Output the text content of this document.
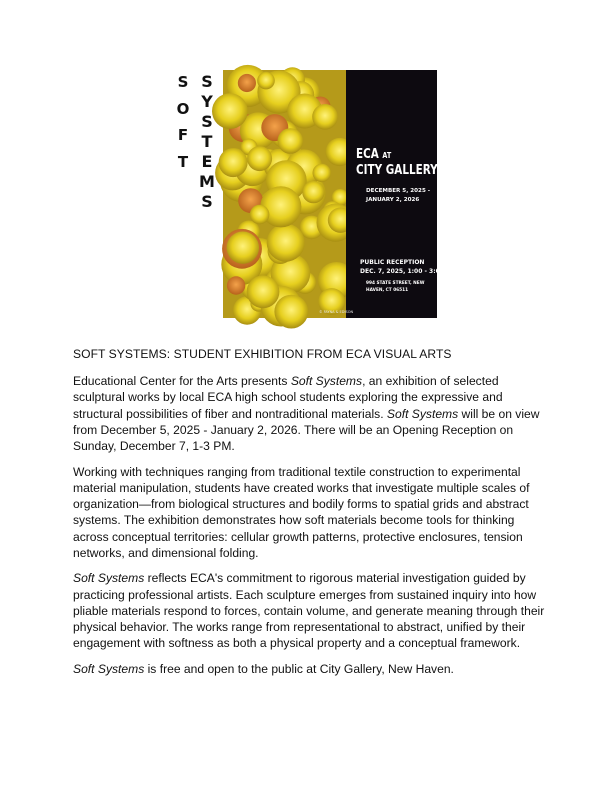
S
O
F
T
S
Y
S
T
E
M
S
ECA AT
CITY GALLERY
DECEMBER 5, 2025 -
JANUARY 2, 2026
PUBLIC RECEPTION
DEC. 7, 2025, 1:00 - 3:00 PM
994 STATE STREET, NEW
HAVEN, CT 06511
© FAYNA & EDISON

SOFT SYSTEMS: STUDENT EXHIBITION FROM ECA VISUAL ARTS

Educational Center for the Arts presents Soft Systems, an exhibition of selected sculptural works by local ECA high school students exploring the expressive and structural possibilities of fiber and nontraditional materials. Soft Systems will be on view from December 5, 2025 - January 2, 2026. There will be an Opening Reception on Sunday, December 7, 1-3 PM.

Working with techniques ranging from traditional textile construction to experimental material manipulation, students have created works that investigate multiple scales of organization—from biological structures and bodily forms to spatial grids and abstract systems. The exhibition demonstrates how soft materials become tools for thinking across conceptual territories: cellular growth patterns, protective enclosures, tension networks, and dimensional folding.

Soft Systems reflects ECA's commitment to rigorous material investigation guided by practicing professional artists. Each sculpture emerges from sustained inquiry into how pliable materials respond to forces, contain volume, and generate meaning through their physical behavior. The works range from representational to abstract, unified by their engagement with softness as both a physical property and a conceptual framework.

Soft Systems is free and open to the public at City Gallery, New Haven.
